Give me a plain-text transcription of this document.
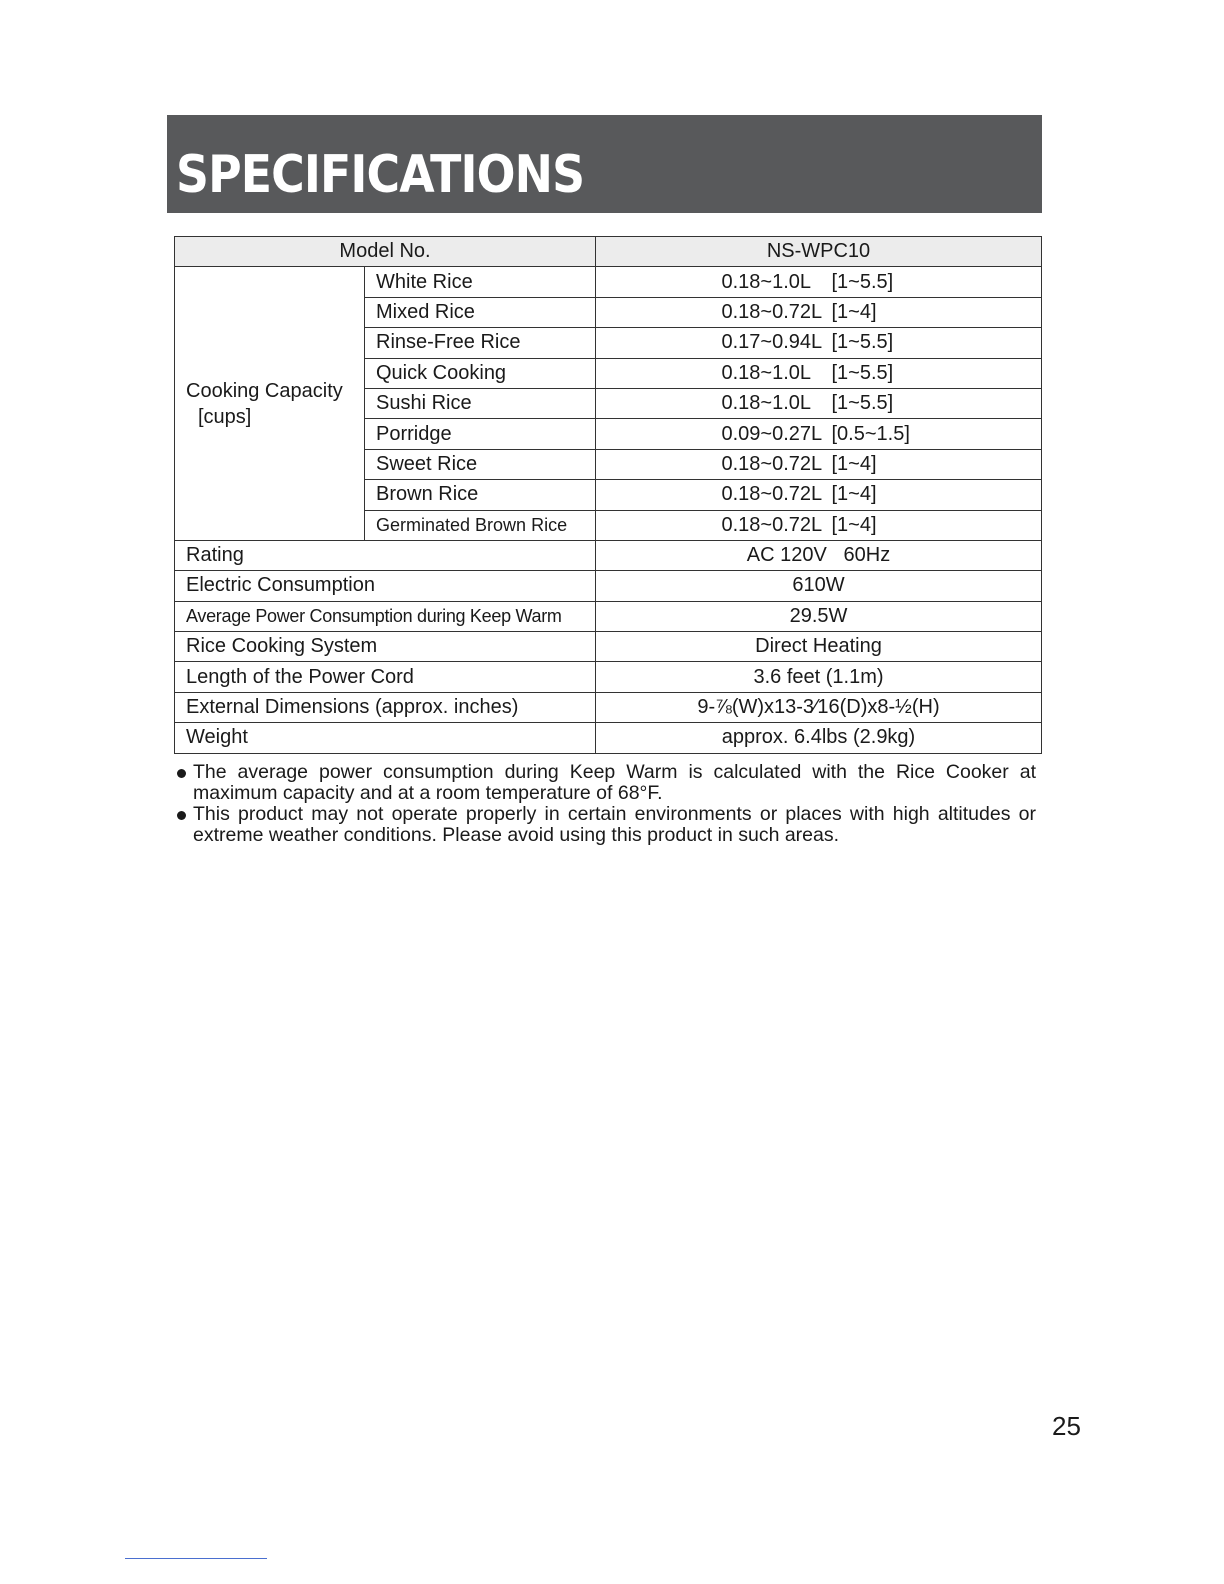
SPECIFICATIONS
Model No.		NS-WPC10

Cooking Capacity
[cups]	White Rice	0.18~1.0L [1~5.5]
	Mixed Rice	0.18~0.72L [1~4]
	Rinse-Free Rice	0.17~0.94L [1~5.5]
	Quick Cooking	0.18~1.0L [1~5.5]
	Sushi Rice	0.18~1.0L [1~5.5]
	Porridge	0.09~0.27L [0.5~1.5]
	Sweet Rice	0.18~0.72L [1~4]
	Brown Rice	0.18~0.72L [1~4]
	Germinated Brown Rice	0.18~0.72L [1~4]
Rating		AC 120V   60Hz
Electric Consumption		610W
Average Power Consumption during Keep Warm		29.5W
Rice Cooking System		Direct Heating
Length of the Power Cord		3.6 feet (1.1m)
External Dimensions (approx. inches)		9-⅞(W)x13-3⁄16(D)x8-½(H)
Weight		approx. 6.4lbs (2.9kg)
The average power consumption during Keep Warm is calculated with the Rice Cooker at maximum capacity and at a room temperature of 68°F.
This product may not operate properly in certain environments or places with high altitudes or extreme weather conditions. Please avoid using this product in such areas.
25
